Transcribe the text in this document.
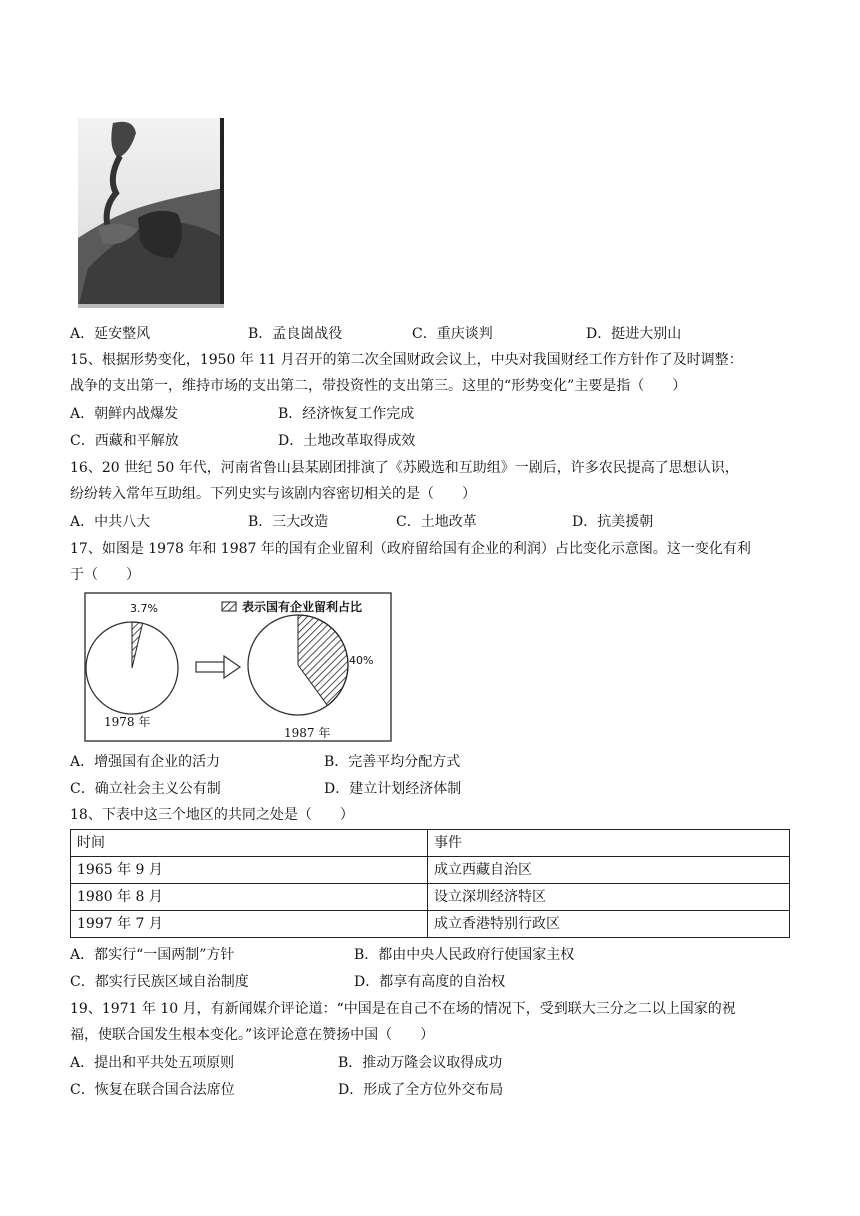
A．延安整风	B．孟良崮战役	C．重庆谈判	D．挺进大别山
15、根据形势变化，1950 年 11 月召开的第二次全国财政会议上，中央对我国财经工作方针作了及时调整：
战争的支出第一，维持市场的支出第二，带投资性的支出第三。这里的“形势变化”主要是指（　　）
A．朝鲜内战爆发	B．经济恢复工作完成
C．西藏和平解放	D．土地改革取得成效
16、20 世纪 50 年代，河南省鲁山县某剧团排演了《苏殿选和互助组》一剧后，许多农民提高了思想认识，
纷纷转入常年互助组。下列史实与该剧内容密切相关的是（　　）
A．中共八大	B．三大改造	C．土地改革	D．抗美援朝
17、如图是 1978 年和 1987 年的国有企业留利（政府留给国有企业的利润）占比变化示意图。这一变化有利
于（　　）
表示国有企业留利占比
3.7%
1978 年
40%
1987 年
A．增强国有企业的活力	B．完善平均分配方式
C．确立社会主义公有制	D．建立计划经济体制
18、下表中这三个地区的共同之处是（　　）
时间	事件
1965 年 9 月	成立西藏自治区
1980 年 8 月	设立深圳经济特区
1997 年 7 月	成立香港特别行政区
A．都实行“一国两制”方针	B．都由中央人民政府行使国家主权
C．都实行民族区域自治制度	D．都享有高度的自治权
19、1971 年 10 月，有新闻媒介评论道：“中国是在自己不在场的情况下，受到联大三分之二以上国家的祝
福，使联合国发生根本变化。”该评论意在赞扬中国（　　）
A．提出和平共处五项原则	B．推动万隆会议取得成功
C．恢复在联合国合法席位	D．形成了全方位外交布局
